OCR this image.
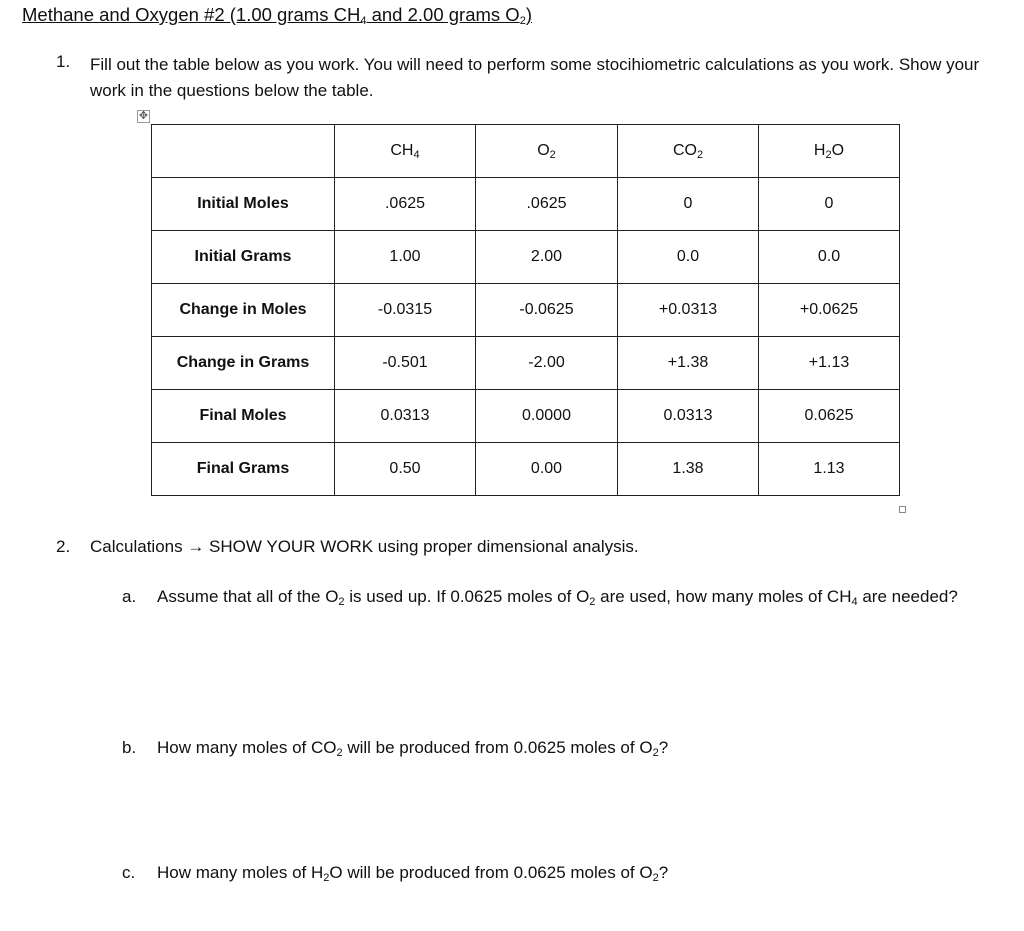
Methane and Oxygen #2 (1.00 grams $CH_4$ and 2.00 grams $O_2$)
1. Fill out the table below as you work. You will need to perform some stocihiometric calculations as you work. Show your work in the questions below the table.
✥
	$CH_4$	$O_2$	$CO_2$	$H_2O$
Initial Moles	.0625	.0625	0	0
Initial Grams	1.00	2.00	0.0	0.0
Change in Moles	-0.0315	-0.0625	+0.0313	+0.0625
Change in Grams	-0.501	-2.00	+1.38	+1.13
Final Moles	0.0313	0.0000	0.0313	0.0625
Final Grams	0.50	0.00	1.38	1.13
2. Calculations → SHOW YOUR WORK using proper dimensional analysis.
a. Assume that all of the $O_2$ is used up. If 0.0625 moles of $O_2$ are used, how many moles of $CH_4$ are needed?
b. How many moles of $CO_2$ will be produced from 0.0625 moles of $O_2$?
c. How many moles of $H_2O$ will be produced from 0.0625 moles of $O_2$?
